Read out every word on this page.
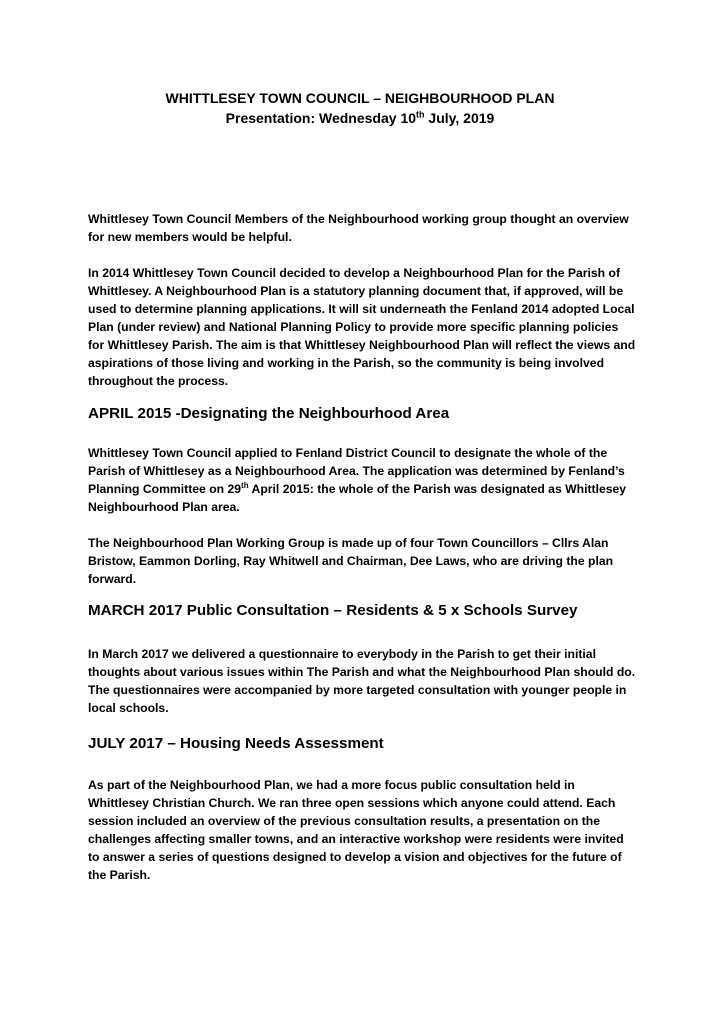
WHITTLESEY TOWN COUNCIL – NEIGHBOURHOOD PLAN
Presentation: Wednesday 10th July, 2019

Whittlesey Town Council Members of the Neighbourhood working group thought an overview for new members would be helpful.

In 2014 Whittlesey Town Council decided to develop a Neighbourhood Plan for the Parish of Whittlesey. A Neighbourhood Plan is a statutory planning document that, if approved, will be used to determine planning applications. It will sit underneath the Fenland 2014 adopted Local Plan (under review) and National Planning Policy to provide more specific planning policies for Whittlesey Parish. The aim is that Whittlesey Neighbourhood Plan will reflect the views and aspirations of those living and working in the Parish, so the community is being involved throughout the process.

APRIL 2015 -Designating the Neighbourhood Area

Whittlesey Town Council applied to Fenland District Council to designate the whole of the Parish of Whittlesey as a Neighbourhood Area. The application was determined by Fenland’s Planning Committee on 29th April 2015: the whole of the Parish was designated as Whittlesey Neighbourhood Plan area.

The Neighbourhood Plan Working Group is made up of four Town Councillors – Cllrs Alan Bristow, Eammon Dorling, Ray Whitwell and Chairman, Dee Laws, who are driving the plan forward.

MARCH 2017 Public Consultation – Residents & 5 x Schools Survey

In March 2017 we delivered a questionnaire to everybody in the Parish to get their initial thoughts about various issues within The Parish and what the Neighbourhood Plan should do. The questionnaires were accompanied by more targeted consultation with younger people in local schools.

JULY 2017 – Housing Needs Assessment

As part of the Neighbourhood Plan, we had a more focus public consultation held in Whittlesey Christian Church. We ran three open sessions which anyone could attend. Each session included an overview of the previous consultation results, a presentation on the challenges affecting smaller towns, and an interactive workshop were residents were invited to answer a series of questions designed to develop a vision and objectives for the future of the Parish.
